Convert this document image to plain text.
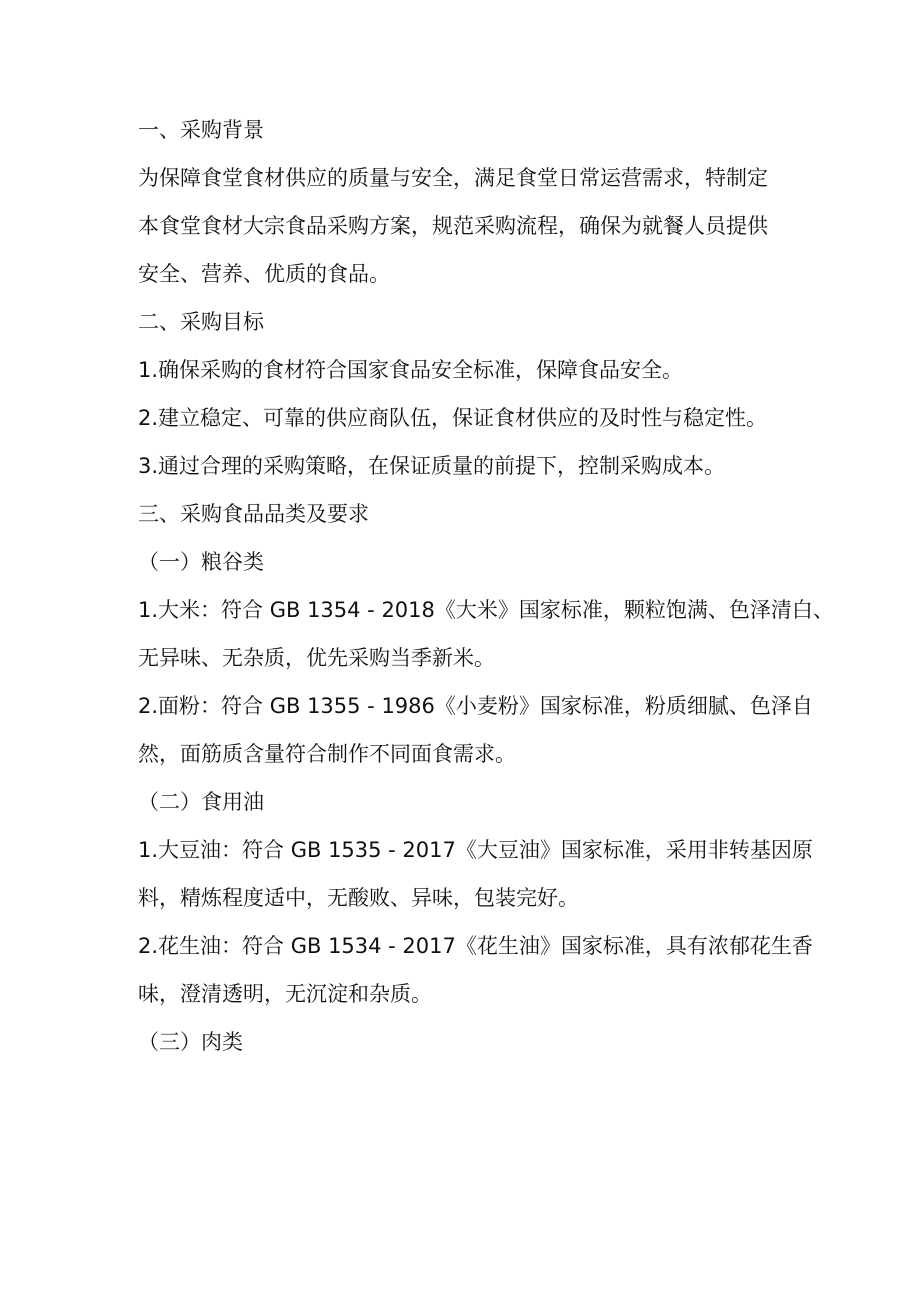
一、采购背景

为保障食堂食材供应的质量与安全，满足食堂日常运营需求，特制定

本食堂食材大宗食品采购方案，规范采购流程，确保为就餐人员提供

安全、营养、优质的食品。

二、采购目标

1.确保采购的食材符合国家食品安全标准，保障食品安全。

2.建立稳定、可靠的供应商队伍，保证食材供应的及时性与稳定性。

3.通过合理的采购策略，在保证质量的前提下，控制采购成本。

三、采购食品品类及要求

（一）粮谷类

1.大米：符合 GB 1354 - 2018《大米》国家标准，颗粒饱满、色泽清白、

无异味、无杂质，优先采购当季新米。

2.面粉：符合 GB 1355 - 1986《小麦粉》国家标准，粉质细腻、色泽自

然，面筋质含量符合制作不同面食需求。

（二）食用油

1.大豆油：符合 GB 1535 - 2017《大豆油》国家标准，采用非转基因原

料，精炼程度适中，无酸败、异味，包装完好。

2.花生油：符合 GB 1534 - 2017《花生油》国家标准，具有浓郁花生香

味，澄清透明，无沉淀和杂质。

（三）肉类
